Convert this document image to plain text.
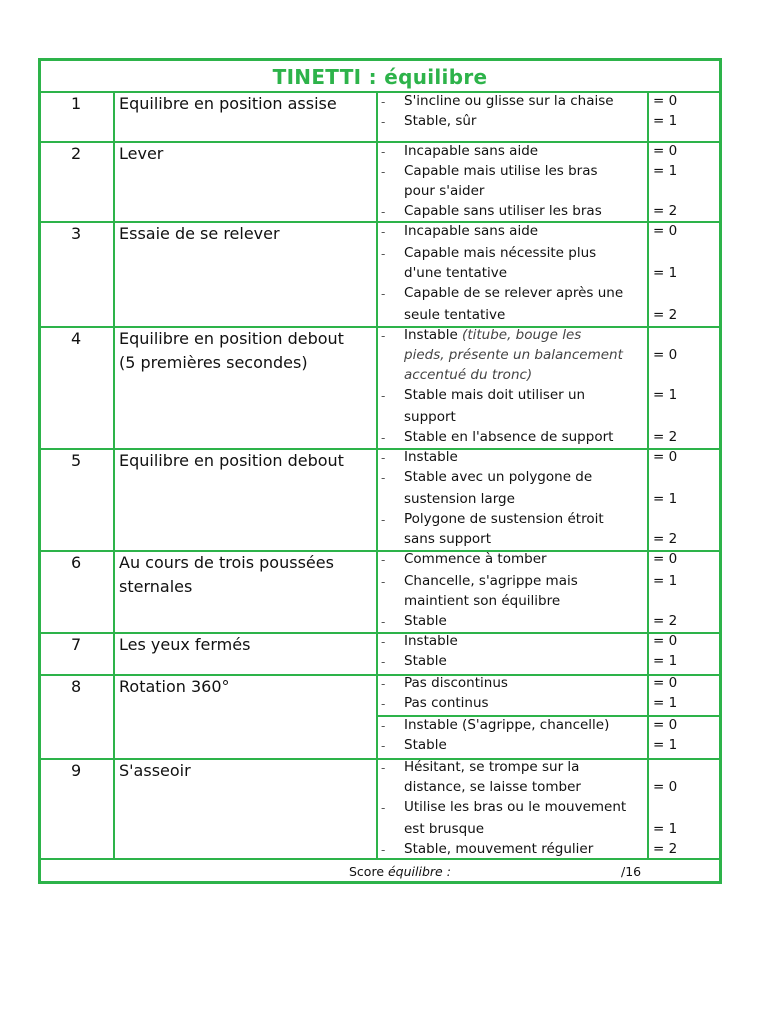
TINETTI : équilibre
1 Equilibre en position assise	- S'incline ou glisse sur la chaise	= 0
- Stable, sûr	= 1
2 Lever	- Incapable sans aide	= 0
- Capable mais utilise les bras
pour s'aider
= 1
- Capable sans utiliser les bras	= 2
3 Essaie de se relever	- Incapable sans aide	= 0
- Capable mais nécessite plus
d'une tentative	= 1
- Capable de se relever après une
seule tentative	= 2
4 Equilibre en position debout
(5 premières secondes)
- Instable (titube, bouge les
pieds, présente un balancement
accentué du tronc)
= 0
- Stable mais doit utiliser un
support
= 1
- Stable en l'absence de support	= 2
5 Equilibre en position debout	- Instable	= 0
- Stable avec un polygone de
sustension large	= 1
- Polygone de sustension étroit
sans support	= 2
6 Au cours de trois poussées
sternales
- Commence à tomber	= 0
- Chancelle, s'agrippe mais
maintient son équilibre
= 1
- Stable	= 2
7 Les yeux fermés	- Instable	= 0
- Stable	= 1
8 Rotation 360°	- Pas discontinus	= 0
- Pas continus	= 1
- Instable (S'agrippe, chancelle)	= 0
- Stable	= 1
9 S'asseoir	- Hésitant, se trompe sur la
distance, se laisse tomber	= 0
- Utilise les bras ou le mouvement
est brusque	= 1
- Stable, mouvement régulier	= 2
Score équilibre :	/16
